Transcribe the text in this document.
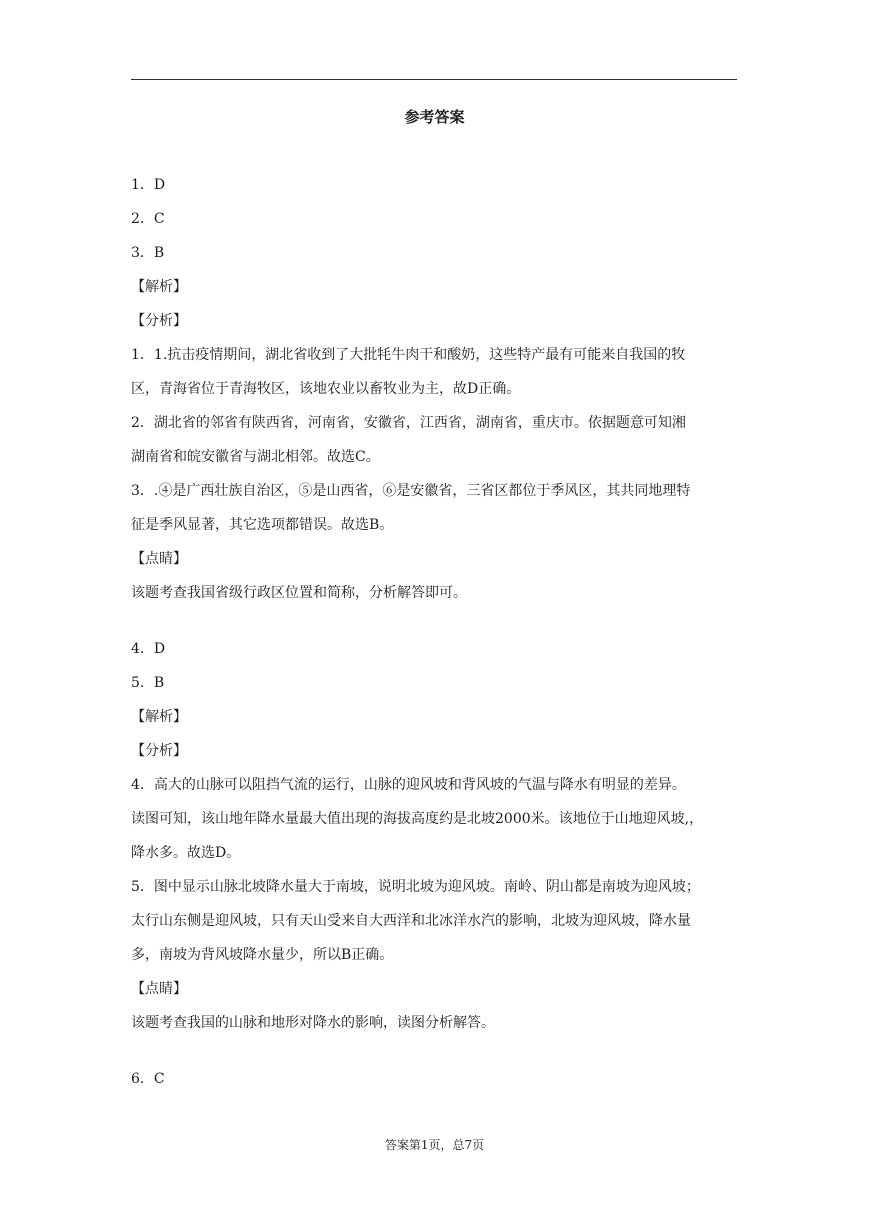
参考答案

1．D

2．C

3．B

【解析】

【分析】

1．1.抗击疫情期间，湖北省收到了大批牦牛肉干和酸奶，这些特产最有可能来自我国的牧

区，青海省位于青海牧区，该地农业以畜牧业为主，故D正确。

2．湖北省的邻省有陕西省，河南省，安徽省，江西省，湖南省，重庆市。依据题意可知湘

湖南省和皖安徽省与湖北相邻。故选C。

3．.④是广西壮族自治区，⑤是山西省，⑥是安徽省，三省区都位于季风区，其共同地理特

征是季风显著，其它选项都错误。故选B。

【点睛】

该题考查我国省级行政区位置和简称，分析解答即可。

4．D

5．B

【解析】

【分析】

4．高大的山脉可以阻挡气流的运行，山脉的迎风坡和背风坡的气温与降水有明显的差异。

读图可知，该山地年降水量最大值出现的海拔高度约是北坡2000米。该地位于山地迎风坡,，

降水多。故选D。

5．图中显示山脉北坡降水量大于南坡，说明北坡为迎风坡。南岭、阴山都是南坡为迎风坡；

太行山东侧是迎风坡，只有天山受来自大西洋和北冰洋水汽的影响，北坡为迎风坡，降水量

多，南坡为背风坡降水量少，所以B正确。

【点睛】

该题考查我国的山脉和地形对降水的影响，读图分析解答。

6．C

答案第1页，总7页
